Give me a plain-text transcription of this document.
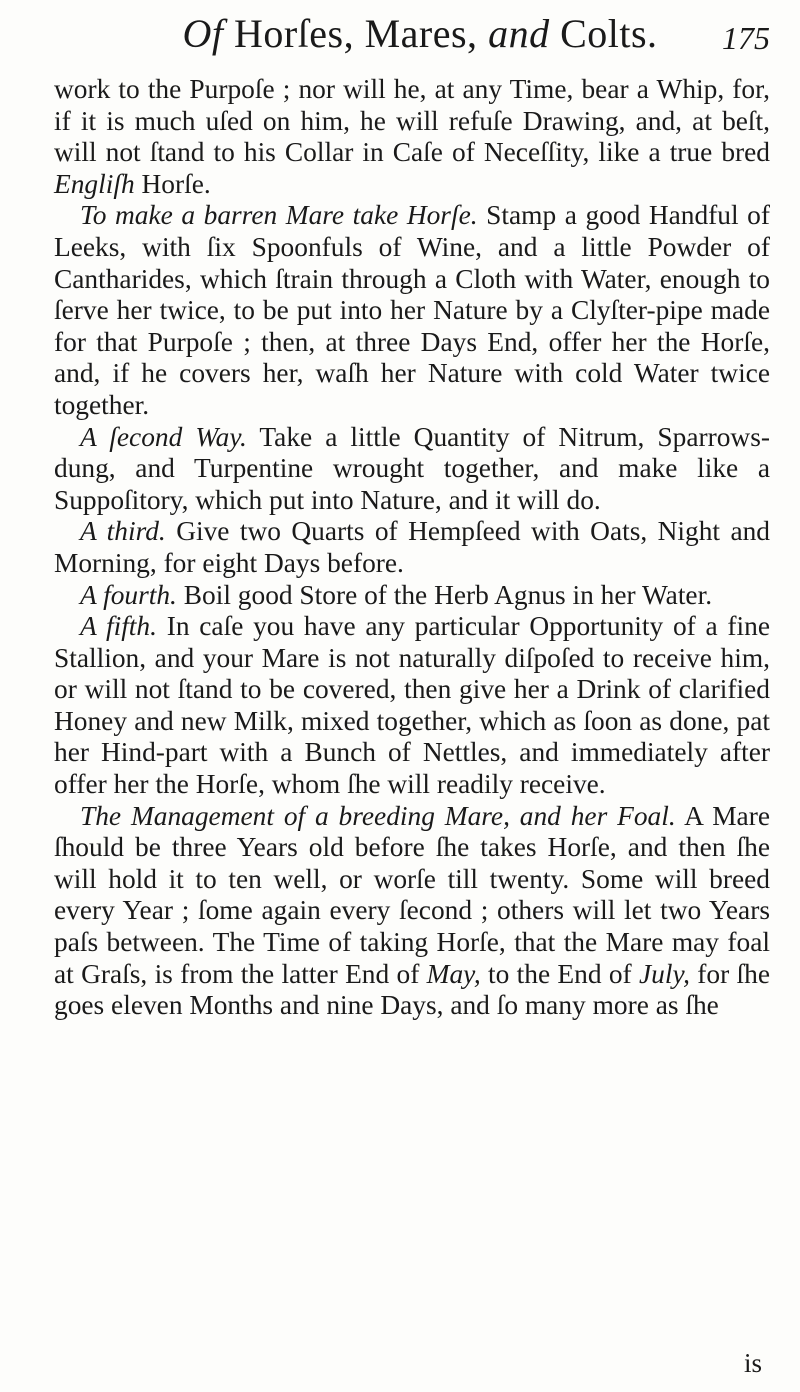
Of Horſes, Mares, and Colts.	175

work to the Purpoſe ; nor will he, at any Time, bear a Whip, for, if it is much uſed on him, he will refuſe Drawing, and, at beſt, will not ſtand to his Collar in Caſe of Neceſſity, like a true bred Engliſh Horſe.

To make a barren Mare take Horſe. Stamp a good Handful of Leeks, with ſix Spoonfuls of Wine, and a little Powder of Cantharides, which ſtrain through a Cloth with Water, enough to ſerve her twice, to be put into her Nature by a Clyſter-pipe made for that Purpoſe ; then, at three Days End, offer her the Horſe, and, if he covers her, waſh her Nature with cold Water twice together.

A ſecond Way. Take a little Quantity of Nitrum, Sparrows-dung, and Turpentine wrought together, and make like a Suppoſitory, which put into Nature, and it will do.

A third. Give two Quarts of Hempſeed with Oats, Night and Morning, for eight Days before.

A fourth. Boil good Store of the Herb Agnus in her Water.

A fifth. In caſe you have any particular Opportunity of a fine Stallion, and your Mare is not naturally diſpoſed to receive him, or will not ſtand to be covered, then give her a Drink of clarified Honey and new Milk, mixed together, which as ſoon as done, pat her Hind-part with a Bunch of Nettles, and immediately after offer her the Horſe, whom ſhe will readily receive.

The Management of a breeding Mare, and her Foal. A Mare ſhould be three Years old before ſhe takes Horſe, and then ſhe will hold it to ten well, or worſe till twenty. Some will breed every Year ; ſome again every ſecond ; others will let two Years paſs between. The Time of taking Horſe, that the Mare may foal at Graſs, is from the latter End of May, to the End of July, for ſhe goes eleven Months and nine Days, and ſo many more as ſhe

is
